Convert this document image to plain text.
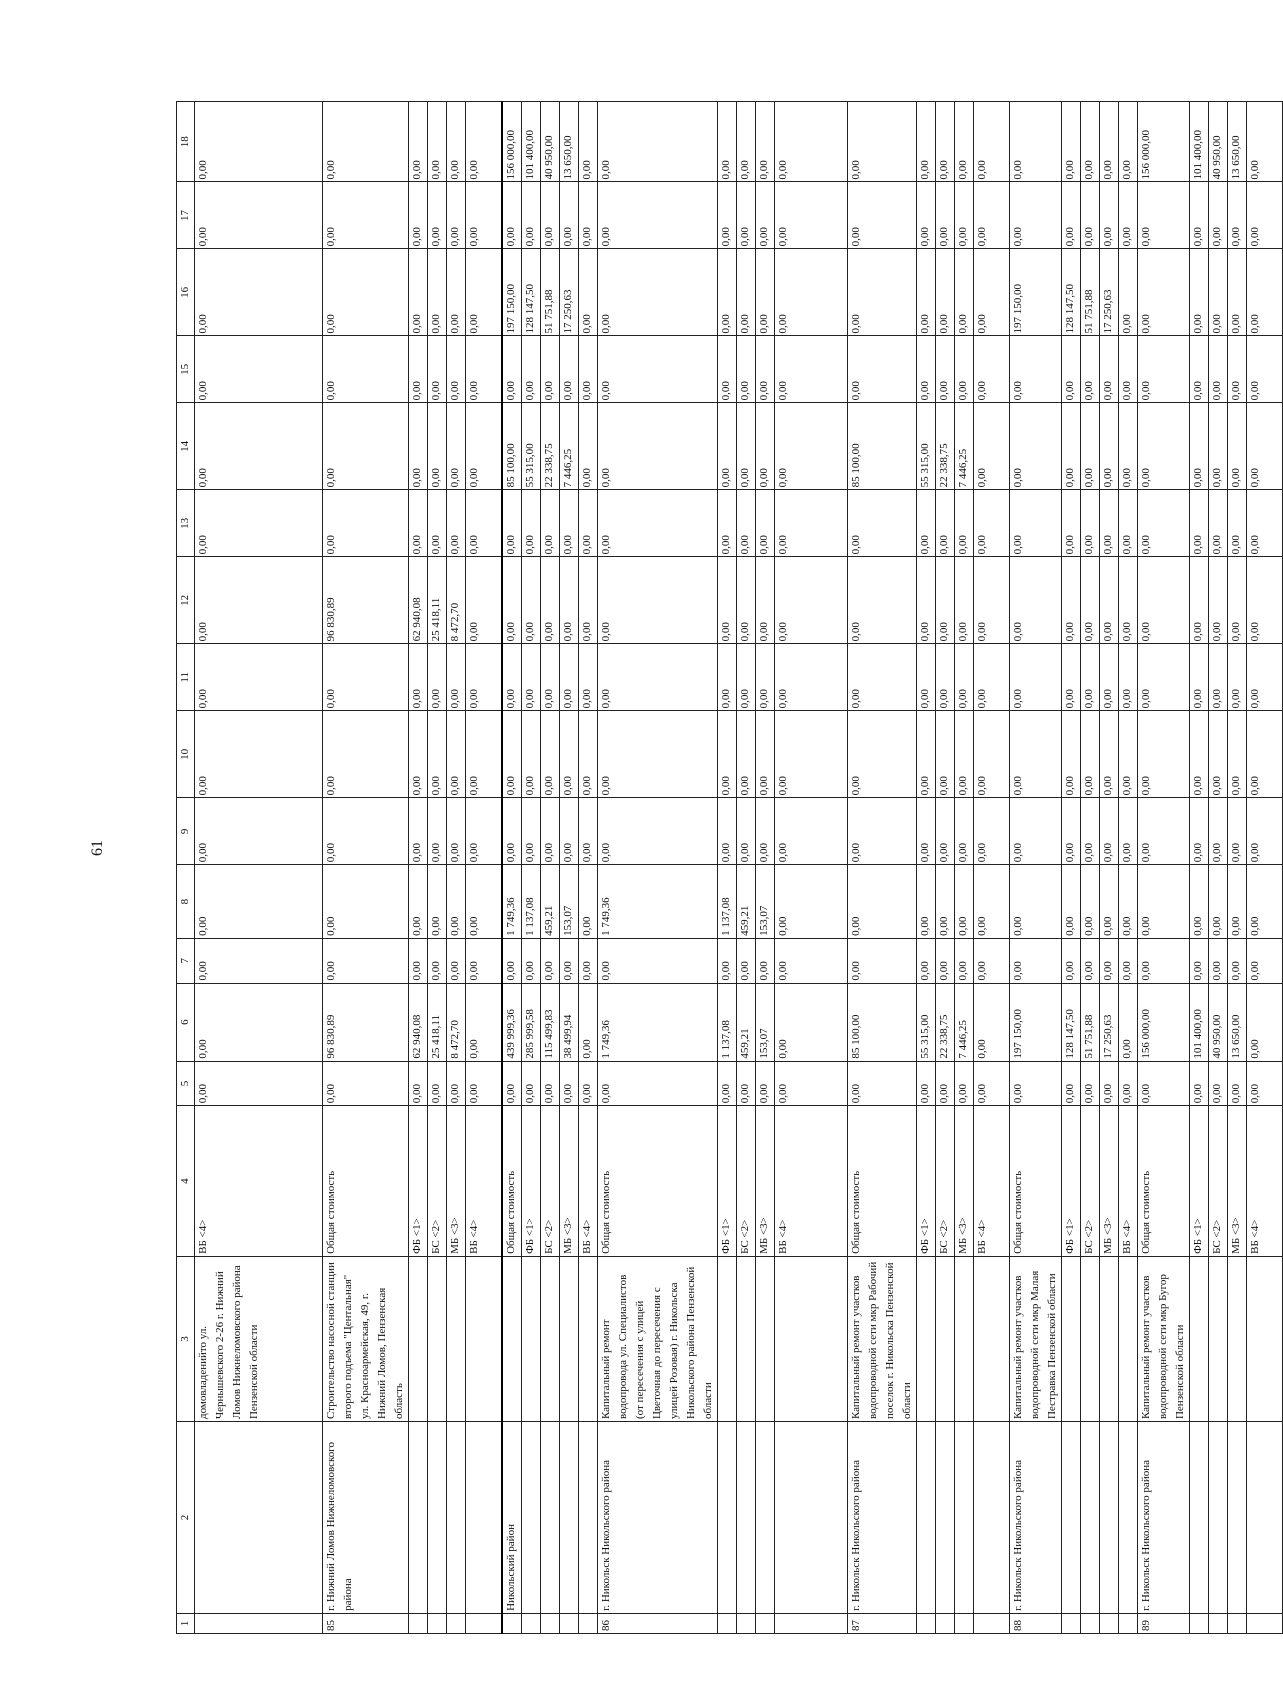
61
1	2	3	4	5	6	7	8	9	10	11	12	13	14	15	16	17	18
		домовладенийто ул. Чернышевского 2-26 г. Нижний Ломов Нижнеломовского района Пензенской области	ВБ <4>	0,00	0,00	0,00	0,00	0,00	0,00	0,00	0,00	0,00	0,00	0,00	0,00	0,00	0,00
85	г. Нижний Ломов Нижнеломовского района	Строительство насосной станции второго подъема "Центальная" ул. Красноармейская, 49, г. Нижний Ломов, Пензенская область	Общая стоимость	0,00	96 830,89	0,00	0,00	0,00	0,00	0,00	96 830,89	0,00	0,00	0,00	0,00	0,00	0,00
			ФБ <1>	0,00	62 940,08	0,00	0,00	0,00	0,00	0,00	62 940,08	0,00	0,00	0,00	0,00	0,00	0,00
			БС <2>	0,00	25 418,11	0,00	0,00	0,00	0,00	0,00	25 418,11	0,00	0,00	0,00	0,00	0,00	0,00
			МБ <3>	0,00	8 472,70	0,00	0,00	0,00	0,00	0,00	8 472,70	0,00	0,00	0,00	0,00	0,00	0,00
			ВБ <4>	0,00	0,00	0,00	0,00	0,00	0,00	0,00	0,00	0,00	0,00	0,00	0,00	0,00	0,00
	Никольский район		Общая стоимость	0,00	439 999,36	0,00	1 749,36	0,00	0,00	0,00	0,00	0,00	85 100,00	0,00	197 150,00	0,00	156 000,00
			ФБ <1>	0,00	285 999,58	0,00	1 137,08	0,00	0,00	0,00	0,00	0,00	55 315,00	0,00	128 147,50	0,00	101 400,00
			БС <2>	0,00	115 499,83	0,00	459,21	0,00	0,00	0,00	0,00	0,00	22 338,75	0,00	51 751,88	0,00	40 950,00
			МБ <3>	0,00	38 499,94	0,00	153,07	0,00	0,00	0,00	0,00	0,00	7 446,25	0,00	17 250,63	0,00	13 650,00
			ВБ <4>	0,00	0,00	0,00	0,00	0,00	0,00	0,00	0,00	0,00	0,00	0,00	0,00	0,00	0,00
86	г. Никольск Никольского района	Капитальный ремонт водопровода ул. Специалистов (от пересечения с улицей Цветочная до пересечения с улицей Розовая) г. Никольска Никольского района Пензенской области	Общая стоимость	0,00	1 749,36	0,00	1 749,36	0,00	0,00	0,00	0,00	0,00	0,00	0,00	0,00	0,00	0,00
			ФБ <1>	0,00	1 137,08	0,00	1 137,08	0,00	0,00	0,00	0,00	0,00	0,00	0,00	0,00	0,00	0,00
			БС <2>	0,00	459,21	0,00	459,21	0,00	0,00	0,00	0,00	0,00	0,00	0,00	0,00	0,00	0,00
			МБ <3>	0,00	153,07	0,00	153,07	0,00	0,00	0,00	0,00	0,00	0,00	0,00	0,00	0,00	0,00
			ВБ <4>	0,00	0,00	0,00	0,00	0,00	0,00	0,00	0,00	0,00	0,00	0,00	0,00	0,00	0,00
87	г. Никольск Никольского района	Капитальный ремонт участков водопроводной сети мкр Рабочий поселок г. Никольска Пензенской области	Общая стоимость	0,00	85 100,00	0,00	0,00	0,00	0,00	0,00	0,00	0,00	85 100,00	0,00	0,00	0,00	0,00
			ФБ <1>	0,00	55 315,00	0,00	0,00	0,00	0,00	0,00	0,00	0,00	55 315,00	0,00	0,00	0,00	0,00
			БС <2>	0,00	22 338,75	0,00	0,00	0,00	0,00	0,00	0,00	0,00	22 338,75	0,00	0,00	0,00	0,00
			МБ <3>	0,00	7 446,25	0,00	0,00	0,00	0,00	0,00	0,00	0,00	7 446,25	0,00	0,00	0,00	0,00
			ВБ <4>	0,00	0,00	0,00	0,00	0,00	0,00	0,00	0,00	0,00	0,00	0,00	0,00	0,00	0,00
88	г. Никольск Никольского района	Капитальный ремонт участков водопроводной сети мкр Малая Пестравка Пензенской области	Общая стоимость	0,00	197 150,00	0,00	0,00	0,00	0,00	0,00	0,00	0,00	0,00	0,00	197 150,00	0,00	0,00
			ФБ <1>	0,00	128 147,50	0,00	0,00	0,00	0,00	0,00	0,00	0,00	0,00	0,00	128 147,50	0,00	0,00
			БС <2>	0,00	51 751,88	0,00	0,00	0,00	0,00	0,00	0,00	0,00	0,00	0,00	51 751,88	0,00	0,00
			МБ <3>	0,00	17 250,63	0,00	0,00	0,00	0,00	0,00	0,00	0,00	0,00	0,00	17 250,63	0,00	0,00
			ВБ <4>	0,00	0,00	0,00	0,00	0,00	0,00	0,00	0,00	0,00	0,00	0,00	0,00	0,00	0,00
89	г. Никольск Никольского района	Капитальный ремонт участков водопроводной сети мкр Бугор Пензенской области	Общая стоимость	0,00	156 000,00	0,00	0,00	0,00	0,00	0,00	0,00	0,00	0,00	0,00	0,00	0,00	156 000,00
			ФБ <1>	0,00	101 400,00	0,00	0,00	0,00	0,00	0,00	0,00	0,00	0,00	0,00	0,00	0,00	101 400,00
			БС <2>	0,00	40 950,00	0,00	0,00	0,00	0,00	0,00	0,00	0,00	0,00	0,00	0,00	0,00	40 950,00
			МБ <3>	0,00	13 650,00	0,00	0,00	0,00	0,00	0,00	0,00	0,00	0,00	0,00	0,00	0,00	13 650,00
			ВБ <4>	0,00	0,00	0,00	0,00	0,00	0,00	0,00	0,00	0,00	0,00	0,00	0,00	0,00	0,00
